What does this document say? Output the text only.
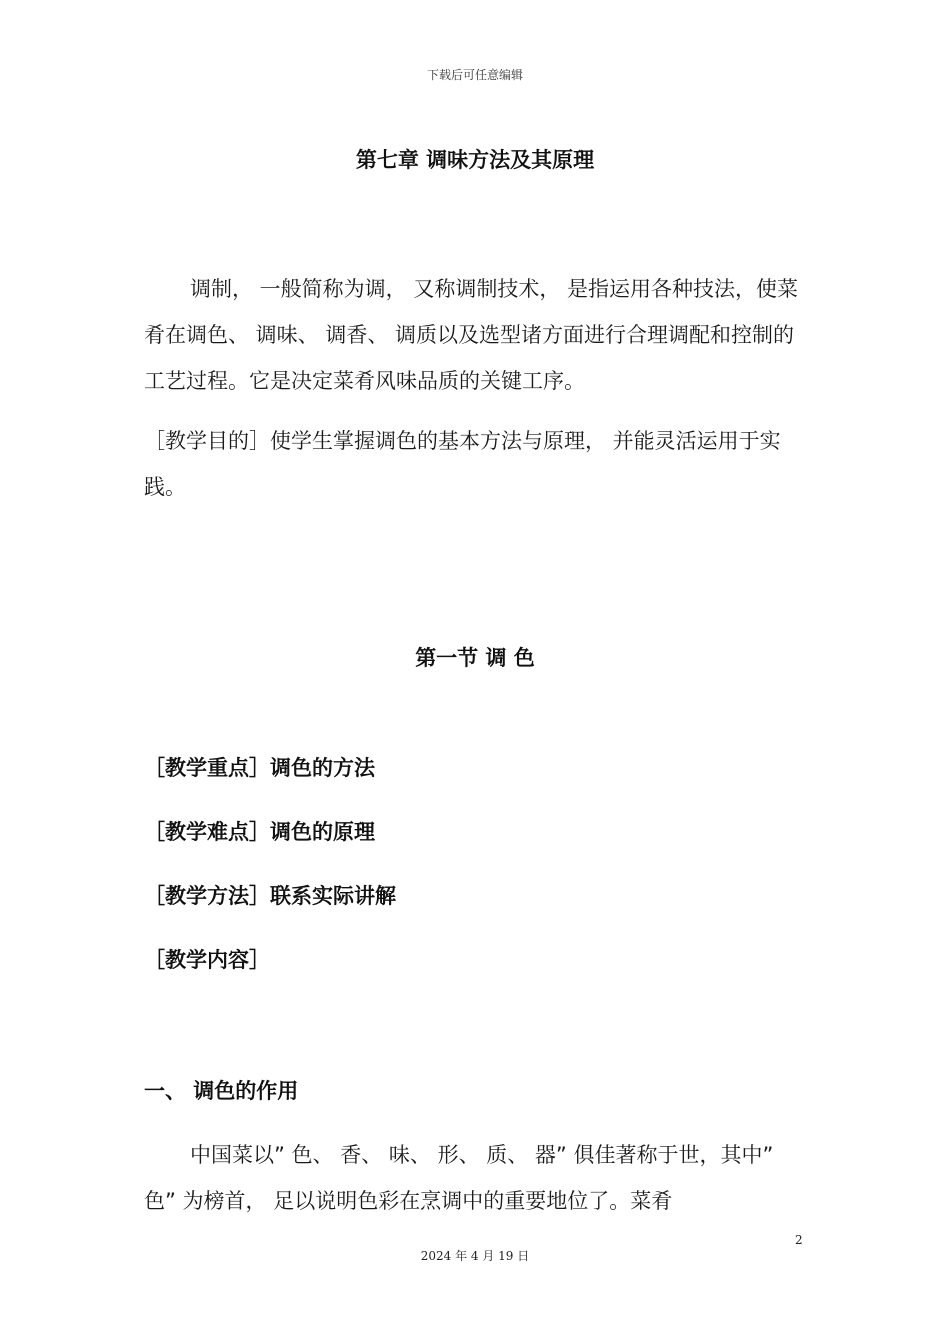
下载后可任意编辑
第七章 调味方法及其原理
调制， 一般简称为调， 又称调制技术， 是指运用各种技法，使菜肴在调色、 调味、 调香、 调质以及选型诸方面进行合理调配和控制的工艺过程。它是决定菜肴风味品质的关键工序。
［教学目的］使学生掌握调色的基本方法与原理， 并能灵活运用于实践。
第一节 调 色
［教学重点］调色的方法
［教学难点］调色的原理
［教学方法］联系实际讲解
［教学内容］
一、 调色的作用
中国菜以” 色、 香、 味、 形、 质、 器” 俱佳著称于世，其中” 色” 为榜首， 足以说明色彩在烹调中的重要地位了。菜肴
2
2024 年 4 月 19 日
